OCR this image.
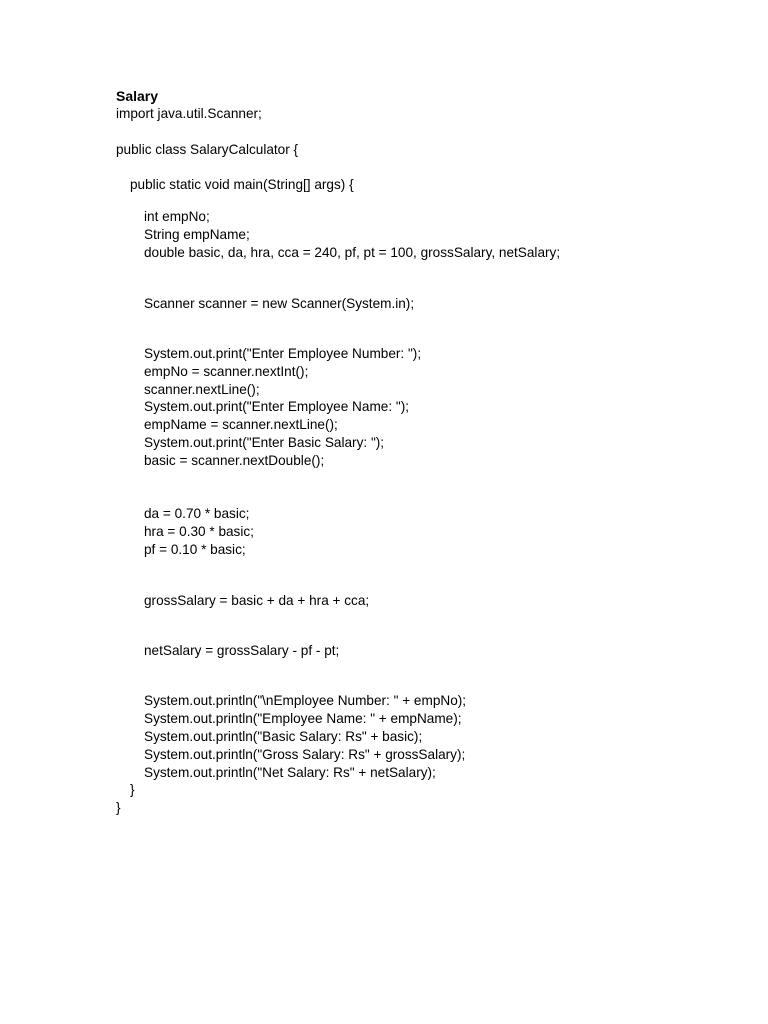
Salary
import java.util.Scanner;
public class SalaryCalculator {
public static void main(String[] args) {
int empNo;
String empName;
double basic, da, hra, cca = 240, pf, pt = 100, grossSalary, netSalary;
Scanner scanner = new Scanner(System.in);
System.out.print("Enter Employee Number: ");
empNo = scanner.nextInt();
scanner.nextLine();
System.out.print("Enter Employee Name: ");
empName = scanner.nextLine();
System.out.print("Enter Basic Salary: ");
basic = scanner.nextDouble();
da = 0.70 * basic;
hra = 0.30 * basic;
pf = 0.10 * basic;
grossSalary = basic + da + hra + cca;
netSalary = grossSalary - pf - pt;
System.out.println("\nEmployee Number: " + empNo);
System.out.println("Employee Name: " + empName);
System.out.println("Basic Salary: Rs" + basic);
System.out.println("Gross Salary: Rs" + grossSalary);
System.out.println("Net Salary: Rs" + netSalary);
}
}
